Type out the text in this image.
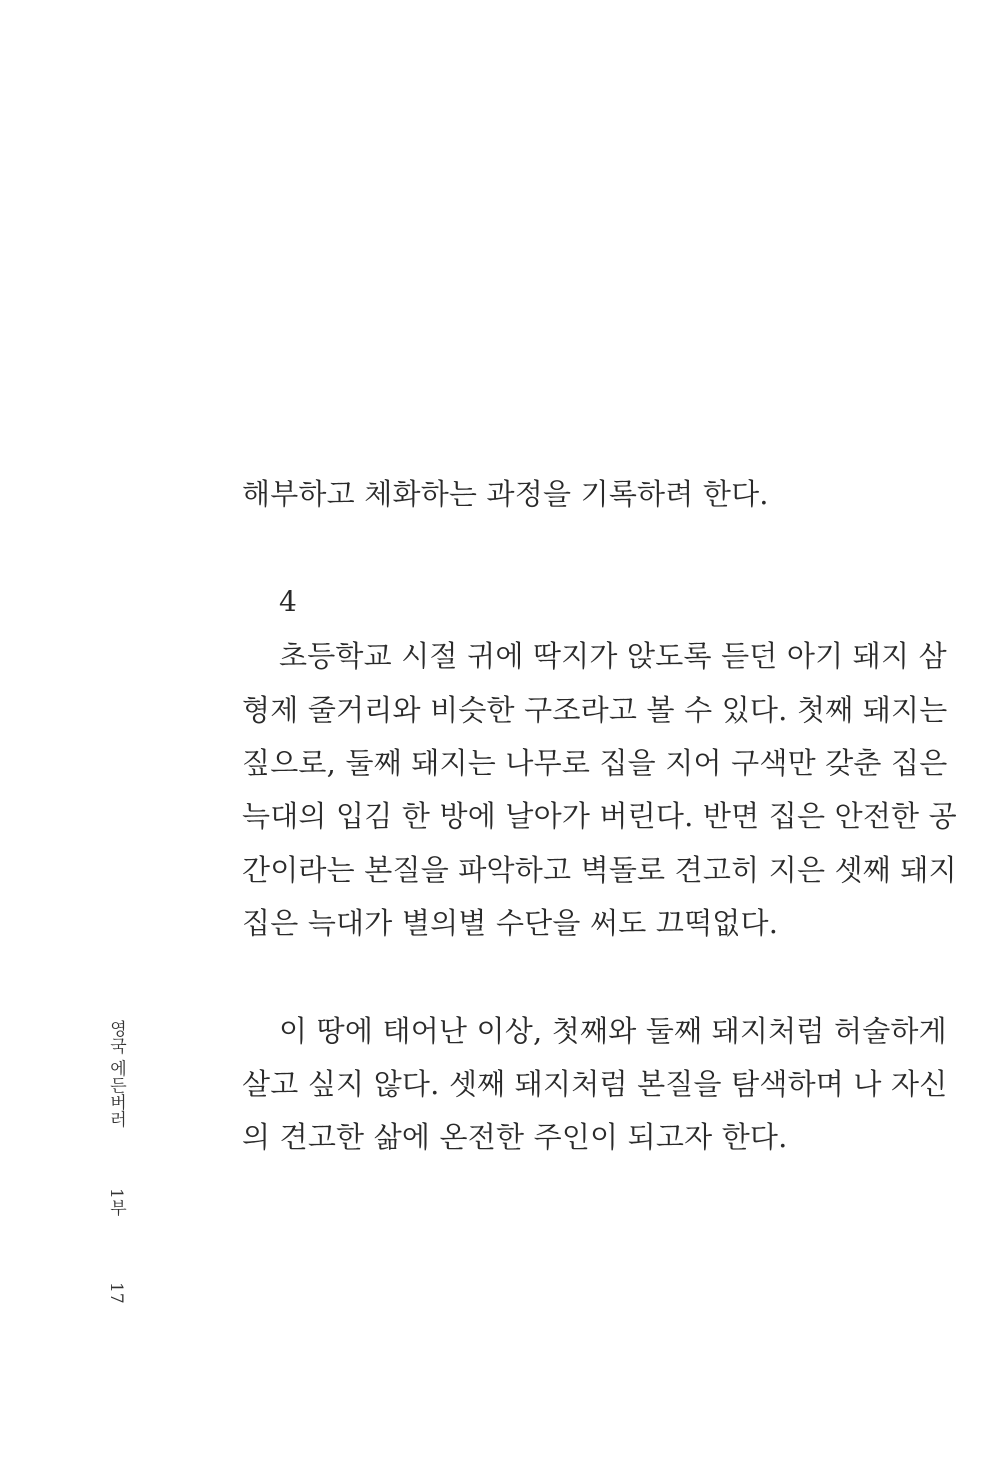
해부하고 체화하는 과정을 기록하려 한다.
초등학교 시절 귀에 딱지가 앉도록 듣던 아기 돼지 삼
형제 줄거리와 비슷한 구조라고 볼 수 있다. 첫째 돼지는
짚으로, 둘째 돼지는 나무로 집을 지어 구색만 갖춘 집은
늑대의 입김 한 방에 날아가 버린다. 반면 집은 안전한 공
간이라는 본질을 파악하고 벽돌로 견고히 지은 셋째 돼지
집은 늑대가 별의별 수단을 써도 끄떡없다.
이 땅에 태어난 이상, 첫째와 둘째 돼지처럼 허술하게
살고 싶지 않다. 셋째 돼지처럼 본질을 탐색하며 나 자신
의 견고한 삶에 온전한 주인이 되고자 한다.
4
영국 에든버러
1부
17
